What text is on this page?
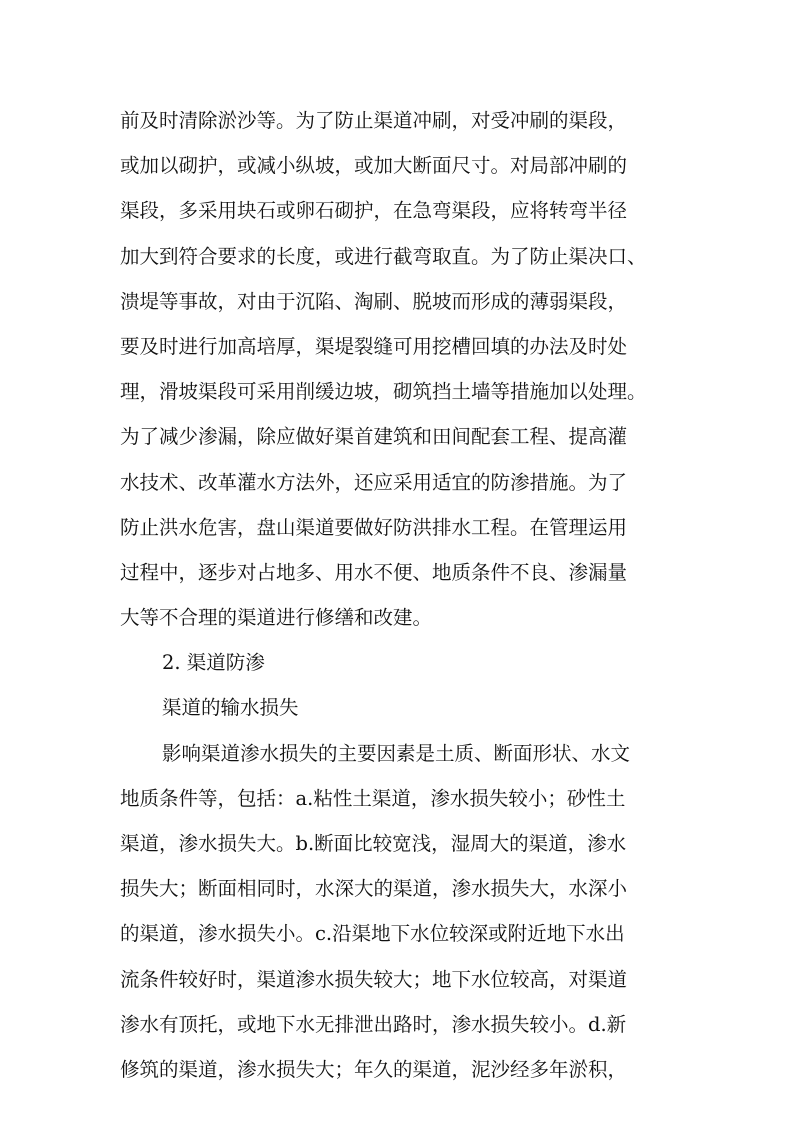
前及时清除淤沙等。为了防止渠道冲刷，对受冲刷的渠段，
或加以砌护，或减小纵坡，或加大断面尺寸。对局部冲刷的
渠段，多采用块石或卵石砌护，在急弯渠段，应将转弯半径
加大到符合要求的长度，或进行截弯取直。为了防止渠决口、
溃堤等事故，对由于沉陷、淘刷、脱坡而形成的薄弱渠段，
要及时进行加高培厚，渠堤裂缝可用挖槽回填的办法及时处
理，滑坡渠段可采用削缓边坡，砌筑挡土墙等措施加以处理。
为了减少渗漏，除应做好渠首建筑和田间配套工程、提高灌
水技术、改革灌水方法外，还应采用适宜的防渗措施。为了
防止洪水危害，盘山渠道要做好防洪排水工程。在管理运用
过程中，逐步对占地多、用水不便、地质条件不良、渗漏量
大等不合理的渠道进行修缮和改建。
2. 渠道防渗
渠道的输水损失
影响渠道渗水损失的主要因素是土质、断面形状、水文
地质条件等，包括：a.粘性土渠道，渗水损失较小；砂性土
渠道，渗水损失大。b.断面比较宽浅，湿周大的渠道，渗水
损失大；断面相同时，水深大的渠道，渗水损失大，水深小
的渠道，渗水损失小。c.沿渠地下水位较深或附近地下水出
流条件较好时，渠道渗水损失较大；地下水位较高，对渠道
渗水有顶托，或地下水无排泄出路时，渗水损失较小。d.新
修筑的渠道，渗水损失大；年久的渠道，泥沙经多年淤积，
